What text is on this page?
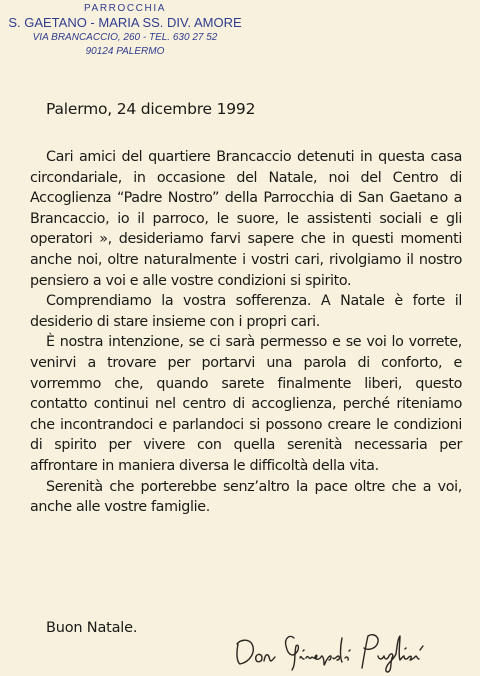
PARROCCHIA
S. GAETANO - MARIA SS. DIV. AMORE
VIA BRANCACCIO, 260 - TEL. 630 27 52
90124 PALERMO
Palermo, 24 dicembre 1992

Cari amici del quartiere Brancaccio detenuti in questa casa circondariale, in occasione del Natale, noi del Centro di Accoglienza “Padre Nostro” della Parrocchia di San Gaetano a Brancaccio, io il parroco, le suore, le assistenti sociali e gli operatori », desideriamo farvi sapere che in questi momenti anche noi, oltre naturalmente i vostri cari, rivolgiamo il nostro pensiero a voi e alle vostre condizioni si spirito.

Comprendiamo la vostra sofferenza. A Natale è forte il desiderio di stare insieme con i propri cari.

È nostra intenzione, se ci sarà permesso e se voi lo vorrete, venirvi a trovare per portarvi una parola di conforto, e vorremmo che, quando sarete finalmente liberi, questo contatto continui nel centro di accoglienza, perché riteniamo che incontrandoci e parlandoci si possono creare le condizioni di spirito per vivere con quella serenità necessaria per affrontare in maniera diversa le difficoltà della vita.

Serenità che porterebbe senz’altro la pace oltre che a voi, anche alle vostre famiglie.

Buon Natale.
